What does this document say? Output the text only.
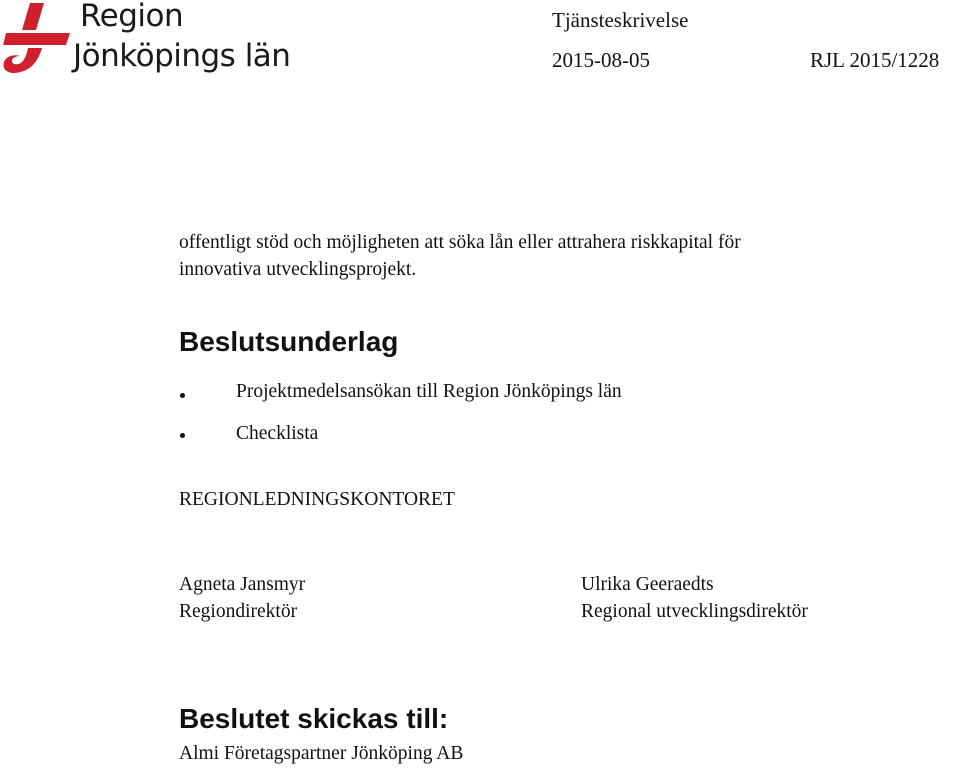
Region
Jönköpings län
Tjänsteskrivelse
2015-08-05	RJL 2015/1228
offentligt stöd och möjligheten att söka lån eller attrahera riskkapital för
innovativa utvecklingsprojekt.
Beslutsunderlag
Projektmedelsansökan till Region Jönköpings län
Checklista
REGIONLEDNINGSKONTORET
Agneta Jansmyr
Regiondirektör
Ulrika Geeraedts
Regional utvecklingsdirektör
Beslutet skickas till:
Almi Företagspartner Jönköping AB
